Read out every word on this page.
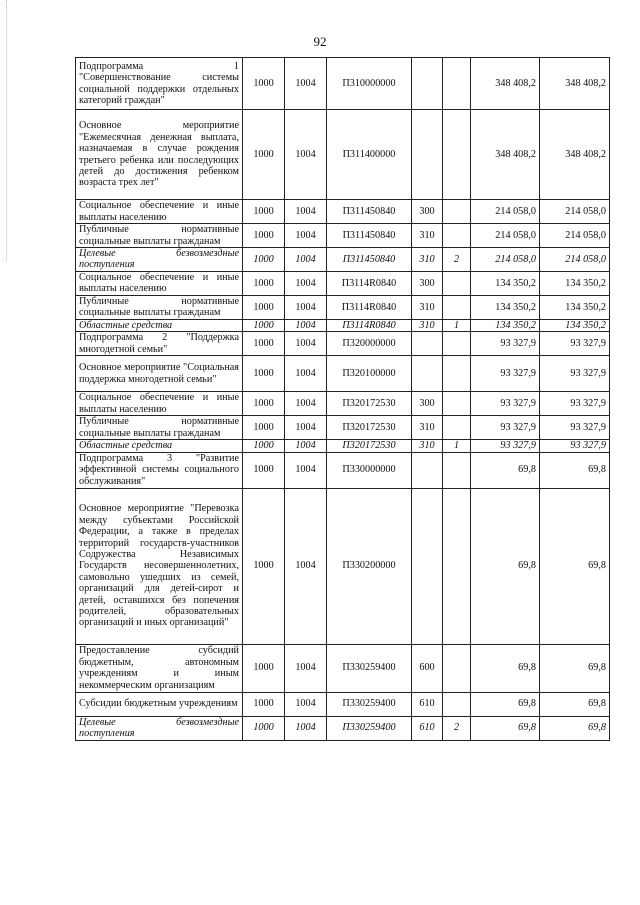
92
Подпрограмма 1 "Совершенствование системы социальной поддержки отдельных категорий граждан"	1000	1004	П310000000			348 408,2	348 408,2
Основное мероприятие "Ежемесячная денежная выплата, назначаемая в случае рождения третьего ребенка или последующих детей до достижения ребенком возраста трех лет"	1000	1004	П311400000			348 408,2	348 408,2
Социальное обеспечение и иные выплаты населению	1000	1004	П311450840	300		214 058,0	214 058,0
Публичные нормативные социальные выплаты гражданам	1000	1004	П311450840	310		214 058,0	214 058,0
Целевые безвозмездные поступления	1000	1004	П311450840	310	2	214 058,0	214 058,0
Социальное обеспечение и иные выплаты населению	1000	1004	П3114R0840	300		134 350,2	134 350,2
Публичные нормативные социальные выплаты гражданам	1000	1004	П3114R0840	310		134 350,2	134 350,2
Областные средства	1000	1004	П3114R0840	310	1	134 350,2	134 350,2
Подпрограмма 2 "Поддержка многодетной семьи"	1000	1004	П320000000			93 327,9	93 327,9
Основное мероприятие "Социальная поддержка многодетной семьи"	1000	1004	П320100000			93 327,9	93 327,9
Социальное обеспечение и иные выплаты населению	1000	1004	П320172530	300		93 327,9	93 327,9
Публичные нормативные социальные выплаты гражданам	1000	1004	П320172530	310		93 327,9	93 327,9
Областные средства	1000	1004	П320172530	310	1	93 327,9	93 327,9
Подпрограмма 3 "Развитие эффективной системы социального обслуживания"	1000	1004	П330000000			69,8	69,8
Основное мероприятие "Перевозка между субъектами Российской Федерации, а также в пределах территорий государств-участников Содружества Независимых Государств несовершеннолетних, самовольно ушедших из семей, организаций для детей-сирот и детей, оставшихся без попечения родителей, образовательных организаций и иных организаций"	1000	1004	П330200000			69,8	69,8
Предоставление субсидий бюджетным, автономным учреждениям и иным некоммерческим организациям	1000	1004	П330259400	600		69,8	69,8
Субсидии бюджетным учреждениям	1000	1004	П330259400	610		69,8	69,8
Целевые безвозмездные поступления	1000	1004	П330259400	610	2	69,8	69,8
